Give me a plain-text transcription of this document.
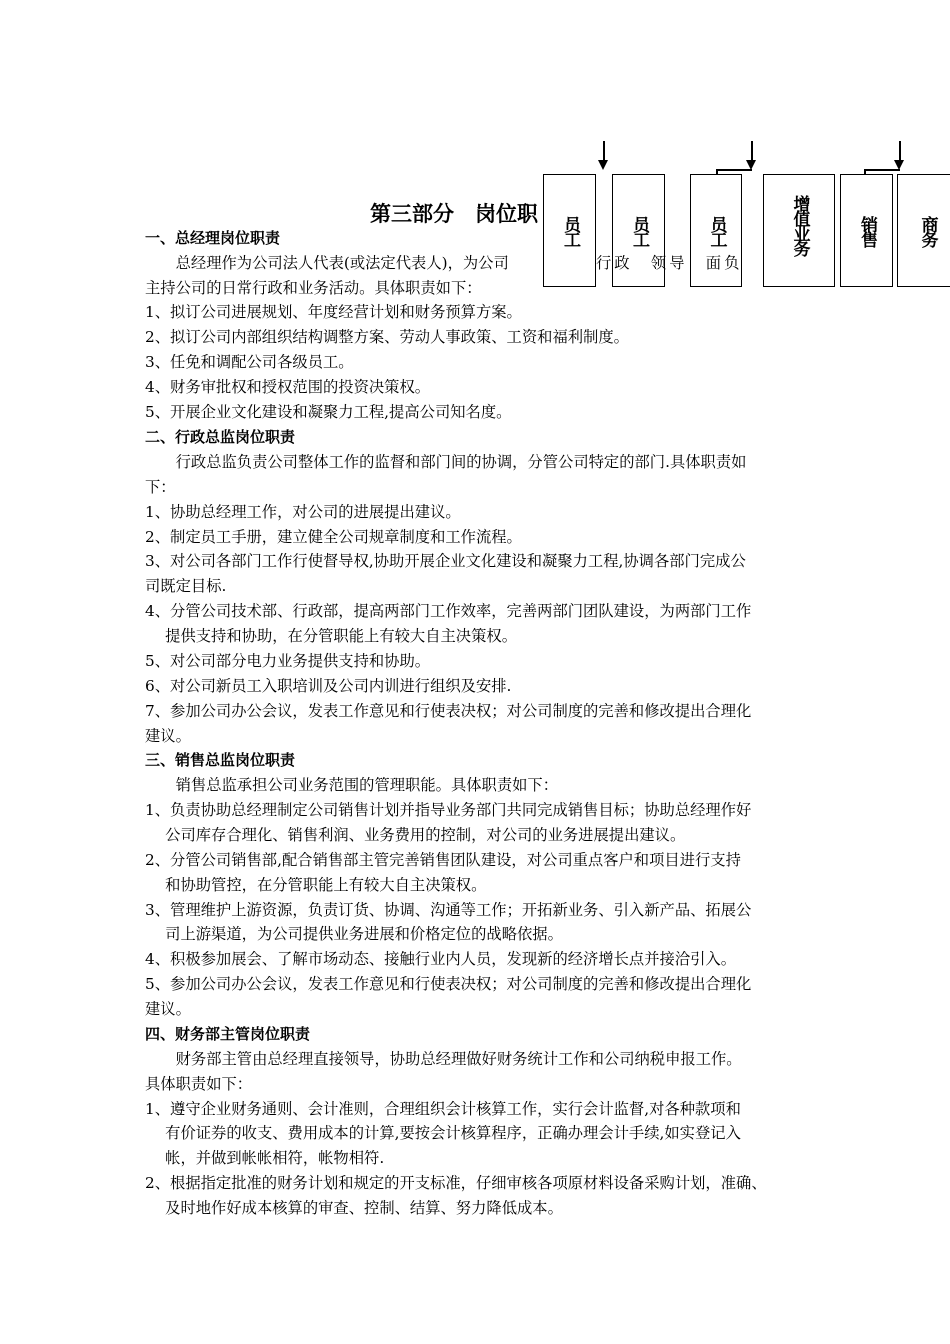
员工	员工	员工	增值业务	销售 商务
第三部分　岗位职
一、总经理岗位职责
　　总经理作为公司法人代表(或法定代表人)，为公司	行政　领导　面负
主持公司的日常行政和业务活动。具体职责如下：
1、拟订公司进展规划、年度经营计划和财务预算方案。
2、拟订公司内部组织结构调整方案、劳动人事政策、工资和福利制度。
3、任免和调配公司各级员工。
4、财务审批权和授权范围的投资决策权。
5、开展企业文化建设和凝聚力工程,提高公司知名度。
二、行政总监岗位职责
　　行政总监负责公司整体工作的监督和部门间的协调，分管公司特定的部门.具体职责如
下：
1、协助总经理工作，对公司的进展提出建议。
2、制定员工手册，建立健全公司规章制度和工作流程。
3、对公司各部门工作行使督导权,协助开展企业文化建设和凝聚力工程,协调各部门完成公
司既定目标.
4、分管公司技术部、行政部，提高两部门工作效率，完善两部门团队建设，为两部门工作
　 提供支持和协助，在分管职能上有较大自主决策权。
5、对公司部分电力业务提供支持和协助。
6、对公司新员工入职培训及公司内训进行组织及安排.
7、参加公司办公会议，发表工作意见和行使表决权；对公司制度的完善和修改提出合理化
建议。
三、销售总监岗位职责
　　销售总监承担公司业务范围的管理职能。具体职责如下：
1、负责协助总经理制定公司销售计划并指导业务部门共同完成销售目标；协助总经理作好
　 公司库存合理化、销售利润、业务费用的控制，对公司的业务进展提出建议。
2、分管公司销售部,配合销售部主管完善销售团队建设，对公司重点客户和项目进行支持
　 和协助管控，在分管职能上有较大自主决策权。
3、管理维护上游资源，负责订货、协调、沟通等工作；开拓新业务、引入新产品、拓展公
　 司上游渠道，为公司提供业务进展和价格定位的战略依据。
4、积极参加展会、了解市场动态、接触行业内人员，发现新的经济增长点并接洽引入。
5、参加公司办公会议，发表工作意见和行使表决权；对公司制度的完善和修改提出合理化
建议。
四、财务部主管岗位职责
　　财务部主管由总经理直接领导，协助总经理做好财务统计工作和公司纳税申报工作。
具体职责如下：
1、遵守企业财务通则、会计准则，合理组织会计核算工作，实行会计监督,对各种款项和
　 有价证券的收支、费用成本的计算,要按会计核算程序，正确办理会计手续,如实登记入
　 帐，并做到帐帐相符，帐物相符.
2、根据指定批准的财务计划和规定的开支标准，仔细审核各项原材料设备采购计划，准确、
　 及时地作好成本核算的审查、控制、结算、努力降低成本。
